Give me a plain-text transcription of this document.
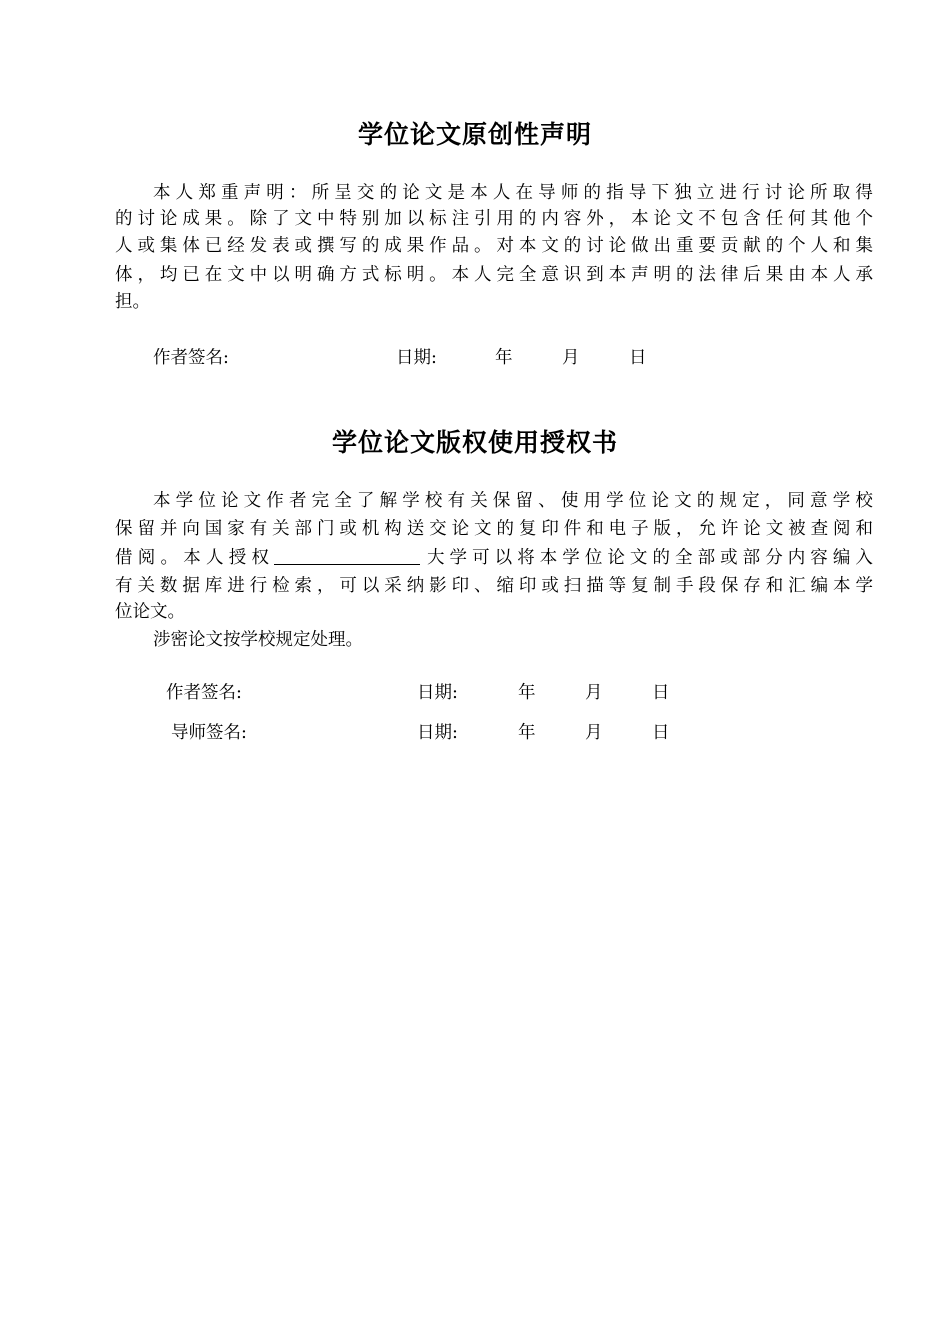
学位论文原创性声明

本 人 郑 重 声 明 ： 所 呈 交 的 论 文 是 本 人 在 导 师 的 指 导 下 独 立 进 行 讨 论 所 取 得

的 讨 论 成 果 。 除 了 文 中 特 别 加 以 标 注 引 用 的 内 容 外 ， 本 论 文 不 包 含 任 何 其 他 个

人 或 集 体 已 经 发 表 或 撰 写 的 成 果 作 品 。 对 本 文 的 讨 论 做 出 重 要 贡 献 的 个 人 和 集

体 ， 均 已 在 文 中 以 明 确 方 式 标 明 。 本 人 完 全 意 识 到 本 声 明 的 法 律 后 果 由 本 人 承

担。

作者签名:	日期:	年	月	日
学位论文版权使用授权书

本 学 位 论 文 作 者 完 全 了 解 学 校 有 关 保 留 、 使 用 学 位 论 文 的 规 定 ， 同 意 学 校

保 留 并 向 国 家 有 关 部 门 或 机 构 送 交 论 文 的 复 印 件 和 电 子 版 ， 允 许 论 文 被 查 阅 和

借 阅 。 本 人 授 权	大 学 可 以 将 本 学 位 论 文 的 全 部 或 部 分 内 容 编 入

有 关 数 据 库 进 行 检 索 ， 可 以 采 纳 影 印 、 缩 印 或 扫 描 等 复 制 手 段 保 存 和 汇 编 本 学

位论文。

涉密论文按学校规定处理。

作者签名:	日期:	年	月	日
导师签名:	日期:	年	月	日
